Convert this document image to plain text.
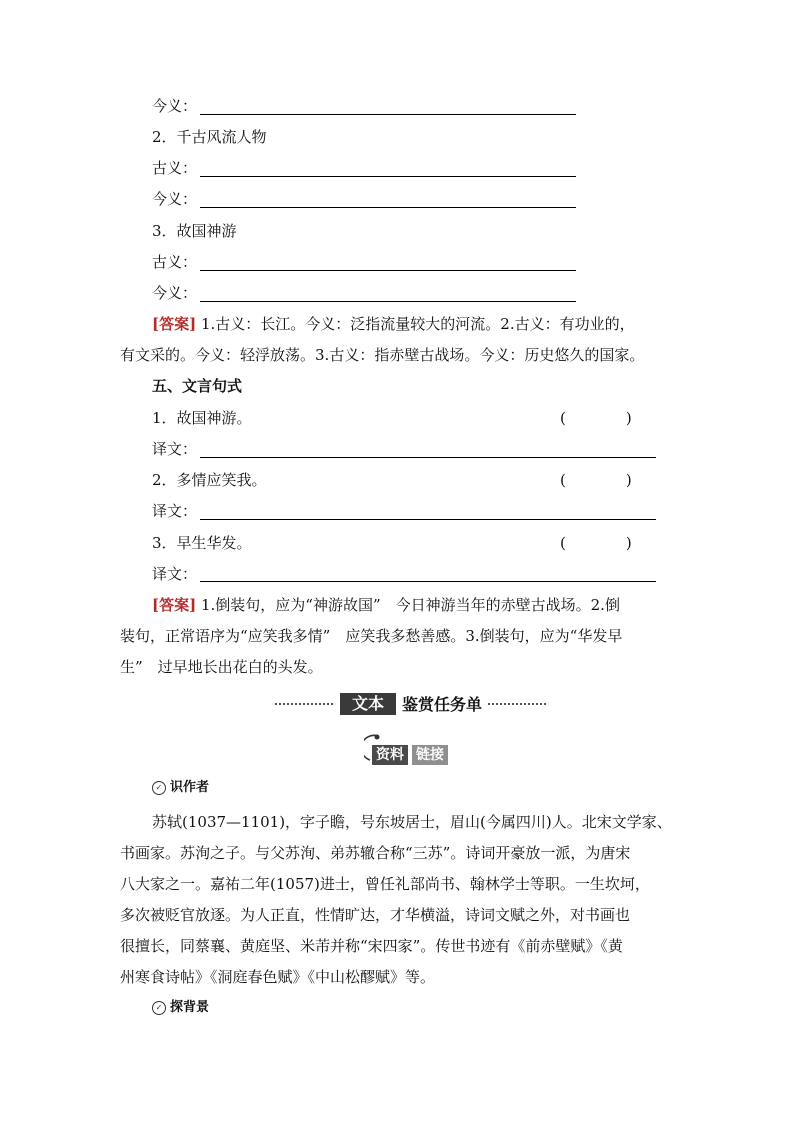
今义：
2．千古风流人物
古义：
今义：
3．故国神游
古义：
今义：
[答案] 1.古义：长江。今义：泛指流量较大的河流。2.古义：有功业的，
有文采的。今义：轻浮放荡。3.古义：指赤壁古战场。今义：历史悠久的国家。
五、文言句式
1．故国神游。	(　　　　)
译文：
2．多情应笑我。	(　　　　)
译文：
3．早生华发。	(　　　　)
译文：
[答案] 1.倒装句，应为“神游故国”　今日神游当年的赤壁古战场。2.倒
装句，正常语序为“应笑我多情”　应笑我多愁善感。3.倒装句，应为“华发早
生”　过早地长出花白的头发。
文本	鉴赏任务单
资料 链接
✓ 识作者
苏轼(1037—1101)，字子瞻，号东坡居士，眉山(今属四川)人。北宋文学家、
书画家。苏洵之子。与父苏洵、弟苏辙合称“三苏”。诗词开豪放一派，为唐宋
八大家之一。嘉祐二年(1057)进士，曾任礼部尚书、翰林学士等职。一生坎坷，
多次被贬官放逐。为人正直，性情旷达，才华横溢，诗词文赋之外，对书画也
很擅长，同蔡襄、黄庭坚、米芾并称“宋四家”。传世书迹有《前赤壁赋》《黄
州寒食诗帖》《洞庭春色赋》《中山松醪赋》等。
✓ 探背景
